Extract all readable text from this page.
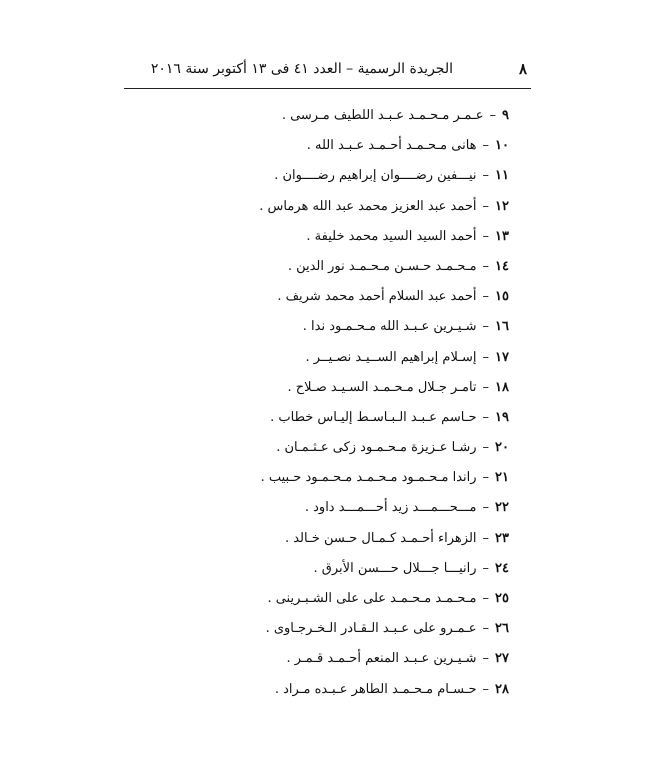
٨
الجريدة الرسمية – العدد ٤١ فى ١٣ أكتوبر سنة ٢٠١٦
٩
–
عـمـر مـحـمـد عـبـد اللطيف مـرسى .
١٠
–
هانى مـحـمـد أحـمـد عـبـد الله .
١١
–
نيـــفين رضــــوان إبراهيم رضــــوان .
١٢
–
أحمد عبد العزيز محمد عبد الله هرماس .
١٣
–
أحمد السيد السيد محمد خليفة .
١٤
–
مـحـمـد حـسـن مـحـمـد نور الدين .
١٥
–
أحمد عبد السلام أحمد محمد شريف .
١٦
–
شـيـرين عـبـد الله مـحـمـود ندا .
١٧
–
إسـلام إبراهيم الســيـد نصـيــر .
١٨
–
تامـر جـلال مـحـمـد السـيـد صـلاح .
١٩
–
حـاسم عـبـد الـبـاسـط إليـاس خطاب .
٢٠
–
رشـا عـزيزة مـحـمـود زكى عـثـمـان .
٢١
–
راندا مـحـمـود مـحـمـد مـحـمـود حـبيب .
٢٢
–
مـــحـــمـــد زيد أحـــمـــد داود .
٢٣
–
الزهراء أحـمـد كـمـال حـسن خـالد .
٢٤
–
رانيـــا جـــلال حـــسن الأبرق .
٢٥
–
مـحـمـد مـحـمـد على على الشـبـرينى .
٢٦
–
عـمـرو على عـبـد الـقـادر الـخـرجـاوى .
٢٧
–
شـيـرين عـبـد المنعم أحـمـد قـمـر .
٢٨
–
حـسـام مـحـمـد الطاهر عـبـده مـراد .
